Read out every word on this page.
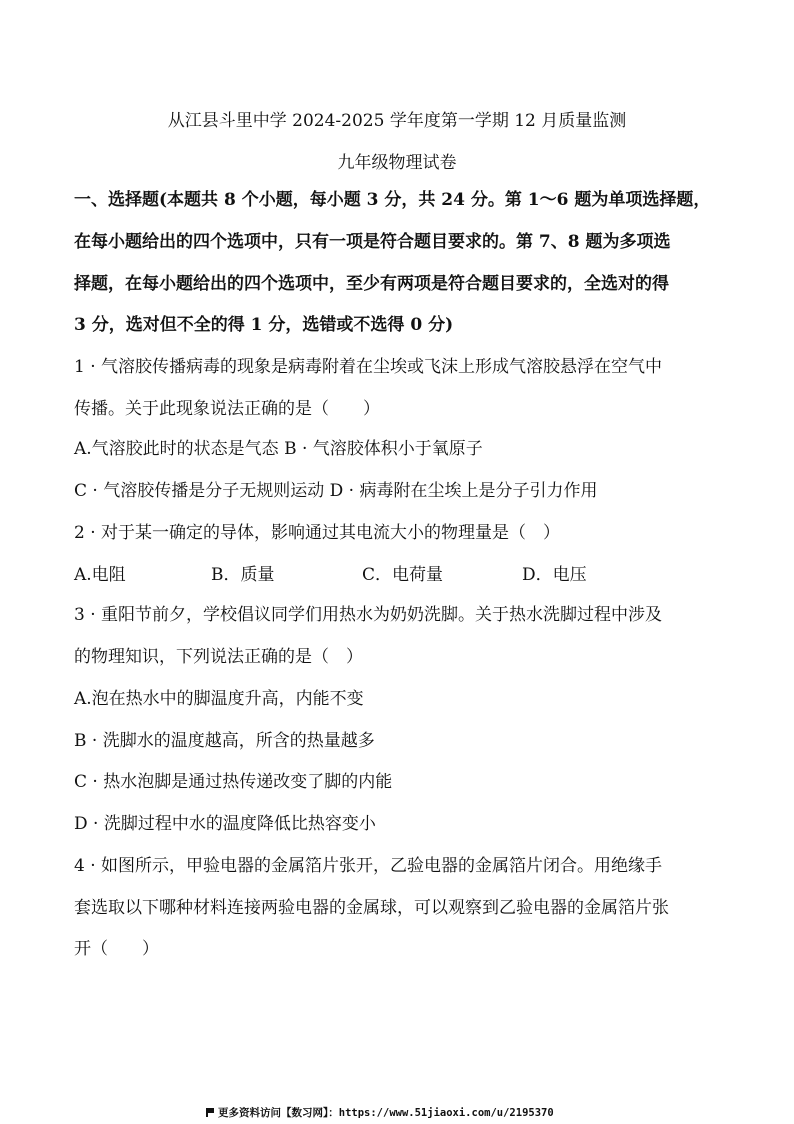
从江县斗里中学 2024-2025 学年度第一学期 12 月质量监测
九年级物理试卷
一、选择题(本题共 8 个小题，每小题 3 分，共 24 分。第 1～6 题为单项选择题，
在每小题给出的四个选项中，只有一项是符合题目要求的。第 7、8 题为多项选
择题，在每小题给出的四个选项中，至少有两项是符合题目要求的，全选对的得
3 分，选对但不全的得 1 分，选错或不选得 0 分)
1 · 气溶胶传播病毒的现象是病毒附着在尘埃或飞沫上形成气溶胶悬浮在空气中
传播。关于此现象说法正确的是（　　）
A.气溶胶此时的状态是气态 B · 气溶胶体积小于氧原子
C · 气溶胶传播是分子无规则运动 D · 病毒附在尘埃上是分子引力作用
2 · 对于某一确定的导体，影响通过其电流大小的物理量是（　）
A.电阻	B．质量	C．电荷量	D．电压
3 · 重阳节前夕，学校倡议同学们用热水为奶奶洗脚。关于热水洗脚过程中涉及
的物理知识，下列说法正确的是（　）
A.泡在热水中的脚温度升高，内能不变
B · 洗脚水的温度越高，所含的热量越多
C · 热水泡脚是通过热传递改变了脚的内能
D · 洗脚过程中水的温度降低比热容变小
4 · 如图所示，甲验电器的金属箔片张开，乙验电器的金属箔片闭合。用绝缘手
套选取以下哪种材料连接两验电器的金属球，可以观察到乙验电器的金属箔片张
开（　　）
更多资料访问【数习网】：https://www.51jiaoxi.com/u/2195370
